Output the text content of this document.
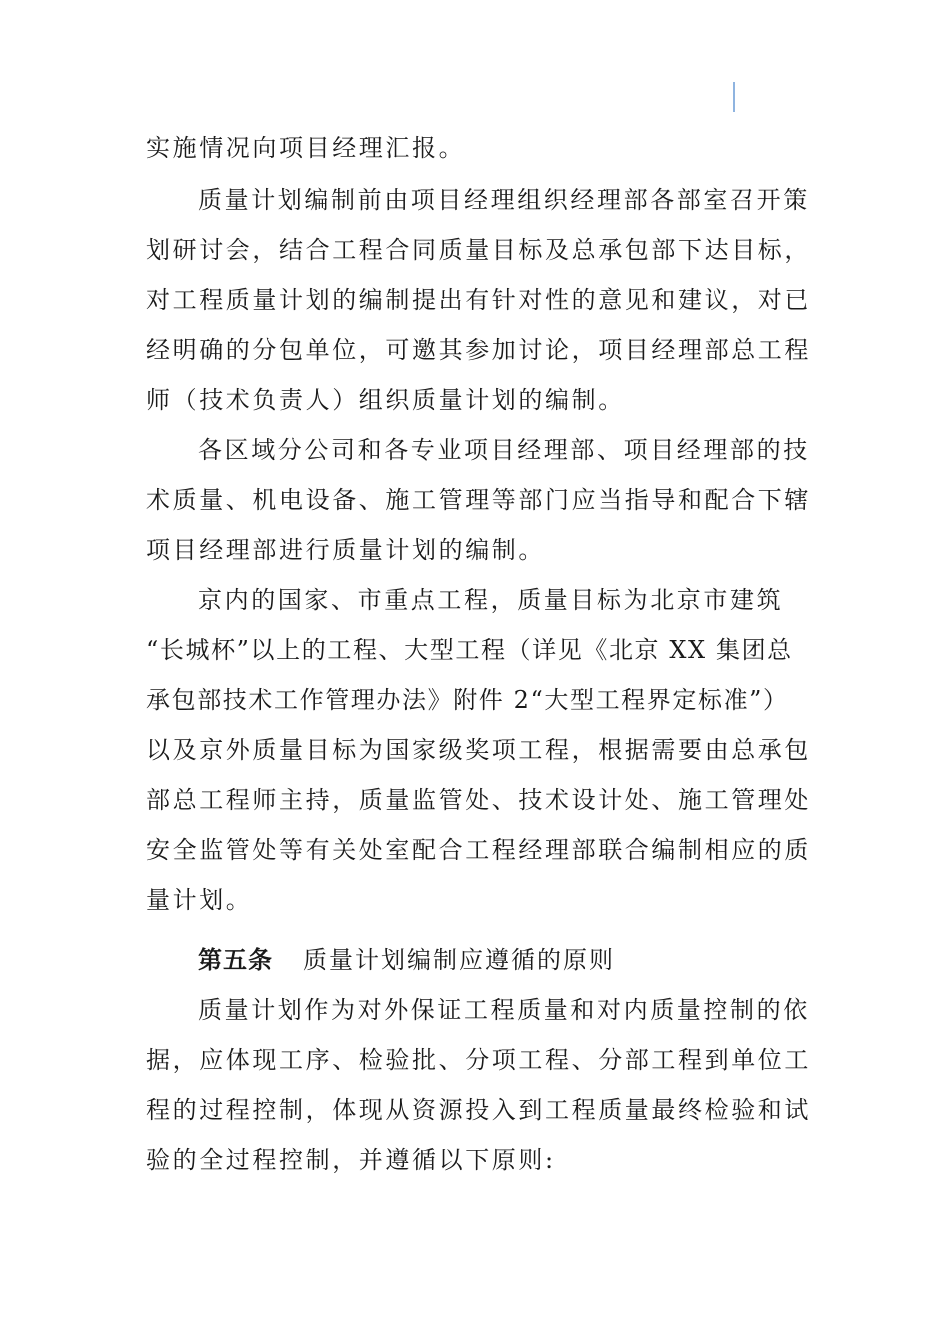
实施情况向项目经理汇报。
质量计划编制前由项目经理组织经理部各部室召开策
划研讨会，结合工程合同质量目标及总承包部下达目标，
对工程质量计划的编制提出有针对性的意见和建议，对已
经明确的分包单位，可邀其参加讨论，项目经理部总工程
师（技术负责人）组织质量计划的编制。
各区域分公司和各专业项目经理部、项目经理部的技
术质量、机电设备、施工管理等部门应当指导和配合下辖
项目经理部进行质量计划的编制。
京内的国家、市重点工程，质量目标为北京市建筑
“长城杯”以上的工程、大型工程（详见《北京 XX 集团总
承包部技术工作管理办法》附件 2“大型工程界定标准”）
以及京外质量目标为国家级奖项工程，根据需要由总承包
部总工程师主持，质量监管处、技术设计处、施工管理处
安全监管处等有关处室配合工程经理部联合编制相应的质
量计划。
第五条 质量计划编制应遵循的原则
质量计划作为对外保证工程质量和对内质量控制的依
据，应体现工序、检验批、分项工程、分部工程到单位工
程的过程控制，体现从资源投入到工程质量最终检验和试
验的全过程控制，并遵循以下原则:
